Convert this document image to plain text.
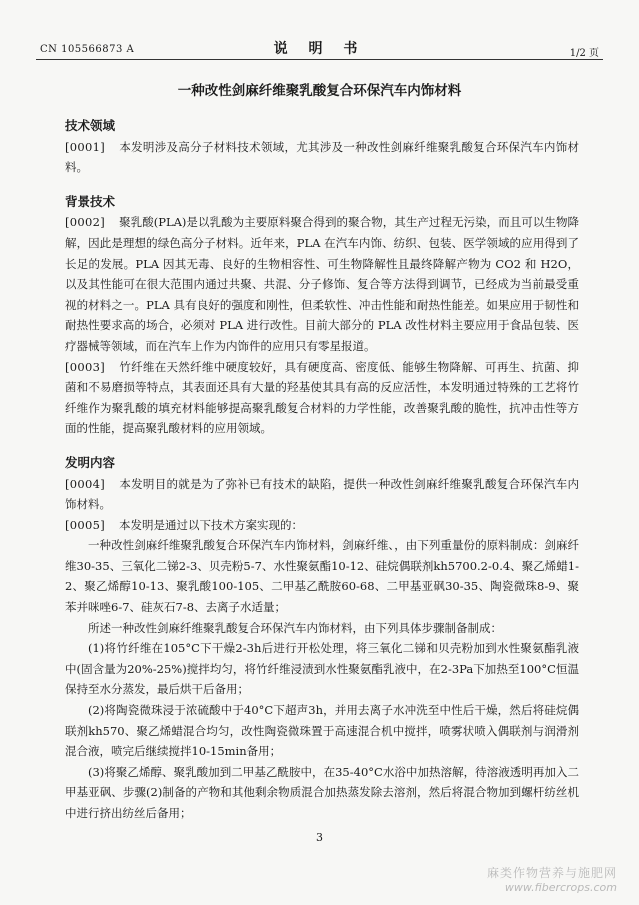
CN 105566873 A	说 明 书	1/2 页
一种改性剑麻纤维聚乳酸复合环保汽车内饰材料
技术领域

[0001] 本发明涉及高分子材料技术领域，尤其涉及一种改性剑麻纤维聚乳酸复合环保汽车内饰材料。

背景技术

[0002] 聚乳酸(PLA)是以乳酸为主要原料聚合得到的聚合物，其生产过程无污染，而且可以生物降解，因此是理想的绿色高分子材料。近年来，PLA 在汽车内饰、纺织、包装、医学领域的应用得到了长足的发展。PLA 因其无毒、良好的生物相容性、可生物降解性且最终降解产物为 CO2 和 H2O，以及其性能可在很大范围内通过共聚、共混、分子修饰、复合等方法得到调节，已经成为当前最受重视的材料之一。PLA 具有良好的强度和刚性，但柔软性、冲击性能和耐热性能差。如果应用于韧性和耐热性要求高的场合，必须对 PLA 进行改性。目前大部分的 PLA 改性材料主要应用于食品包装、医疗器械等领域，而在汽车上作为内饰件的应用只有零星报道。

[0003] 竹纤维在天然纤维中硬度较好，具有硬度高、密度低、能够生物降解、可再生、抗菌、抑菌和不易磨损等特点，其表面还具有大量的羟基使其具有高的反应活性，本发明通过特殊的工艺将竹纤维作为聚乳酸的填充材料能够提高聚乳酸复合材料的力学性能，改善聚乳酸的脆性，抗冲击性等方面的性能，提高聚乳酸材料的应用领域。

发明内容

[0004] 本发明目的就是为了弥补已有技术的缺陷，提供一种改性剑麻纤维聚乳酸复合环保汽车内饰材料。

[0005] 本发明是通过以下技术方案实现的：

一种改性剑麻纤维聚乳酸复合环保汽车内饰材料，剑麻纤维、，由下列重量份的原料制成：剑麻纤维30-35、三氧化二锑2-3、贝壳粉5-7、水性聚氨酯10-12、硅烷偶联剂kh5700.2-0.4、聚乙烯蜡1-2、聚乙烯醇10-13、聚乳酸100-105、二甲基乙酰胺60-68、二甲基亚砜30-35、陶瓷微珠8-9、聚苯并咪唑6-7、硅灰石7-8、去离子水适量；

所述一种改性剑麻纤维聚乳酸复合环保汽车内饰材料，由下列具体步骤制备制成：

(1)将竹纤维在105°C下干燥2-3h后进行开松处理，将三氧化二锑和贝壳粉加到水性聚氨酯乳液中(固含量为20%-25%)搅拌均匀，将竹纤维浸渍到水性聚氨酯乳液中，在2-3Pa下加热至100°C恒温保持至水分蒸发，最后烘干后备用；

(2)将陶瓷微珠浸于浓硫酸中于40°C下超声3h，并用去离子水冲洗至中性后干燥，然后将硅烷偶联剂kh570、聚乙烯蜡混合均匀，改性陶瓷微珠置于高速混合机中搅拌，喷雾状喷入偶联剂与润滑剂混合液，喷完后继续搅拌10-15min备用；

(3)将聚乙烯醇、聚乳酸加到二甲基乙酰胺中，在35-40°C水浴中加热溶解，待溶液透明再加入二甲基亚砜、步骤(2)制备的产物和其他剩余物质混合加热蒸发除去溶剂，然后将混合物加到螺杆纺丝机中进行挤出纺丝后备用；

3
麻类作物营养与施肥网
www.fibercrops.com
